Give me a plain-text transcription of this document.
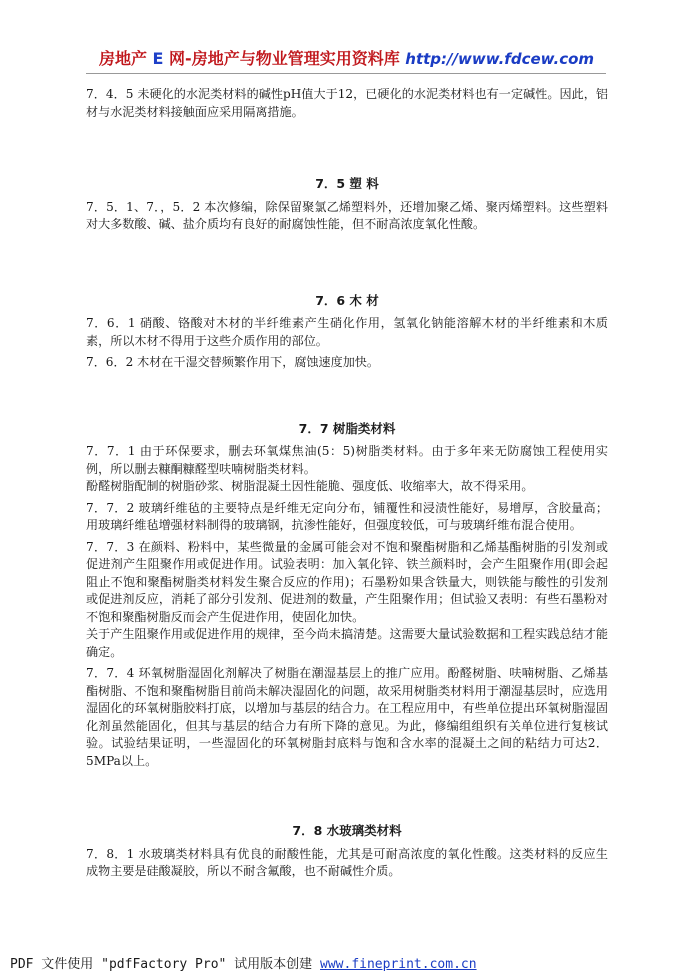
房地产 E 网-房地产与物业管理实用资料库 http://www.fdcew.com

7．4．5 未硬化的水泥类材料的碱性pH值大于12，已硬化的水泥类材料也有一定碱性。因此，铝材与水泥类材料接触面应采用隔离措施。

7．5 塑 料

7．5．1、7．，5．2 本次修编，除保留聚氯乙烯塑料外，还增加聚乙烯、聚丙烯塑料。这些塑料对大多数酸、碱、盐介质均有良好的耐腐蚀性能，但不耐高浓度氧化性酸。

7．6 木 材

7．6．1 硝酸、铬酸对木材的半纤维素产生硝化作用，氢氧化钠能溶解木材的半纤维素和木质素，所以木材不得用于这些介质作用的部位。

7．6．2 木材在干湿交替频繁作用下，腐蚀速度加快。

7．7 树脂类材料

7．7．1 由于环保要求，删去环氧煤焦油(5：5)树脂类材料。由于多年来无防腐蚀工程使用实例，所以删去糠酮糠醛型呋喃树脂类材料。

酚醛树脂配制的树脂砂浆、树脂混凝土因性能脆、强度低、收缩率大，故不得采用。

7．7．2 玻璃纤维毡的主要特点是纤维无定向分布，铺覆性和浸渍性能好，易增厚，含胶量高；用玻璃纤维毡增强材料制得的玻璃钢，抗渗性能好，但强度较低，可与玻璃纤维布混合使用。

7．7．3 在颜料、粉料中，某些微量的金属可能会对不饱和聚酯树脂和乙烯基酯树脂的引发剂或促进剂产生阻聚作用或促进作用。试验表明：加入氧化锌、铁兰颜料时，会产生阻聚作用(即会起阻止不饱和聚酯树脂类材料发生聚合反应的作用)；石墨粉如果含铁量大，则铁能与酸性的引发剂或促进剂反应，消耗了部分引发剂、促进剂的数量，产生阻聚作用；但试验又表明：有些石墨粉对不饱和聚酯树脂反而会产生促进作用，使固化加快。

关于产生阻聚作用或促进作用的规律，至今尚未搞清楚。这需要大量试验数据和工程实践总结才能确定。

7．7．4 环氧树脂湿固化剂解决了树脂在潮湿基层上的推广应用。酚醛树脂、呋喃树脂、乙烯基酯树脂、不饱和聚酯树脂目前尚未解决湿固化的问题，故采用树脂类材料用于潮湿基层时，应选用湿固化的环氧树脂胶料打底，以增加与基层的结合力。在工程应用中，有些单位提出环氧树脂湿固化剂虽然能固化，但其与基层的结合力有所下降的意见。为此，修编组组织有关单位进行复核试验。试验结果证明，一些湿固化的环氧树脂封底料与饱和含水率的混凝土之间的粘结力可达2．5MPa以上。

7．8 水玻璃类材料

7．8．1 水玻璃类材料具有优良的耐酸性能，尤其是可耐高浓度的氧化性酸。这类材料的反应生成物主要是硅酸凝胶，所以不耐含氟酸，也不耐碱性介质。

PDF 文件使用 "pdfFactory Pro" 试用版本创建 www.fineprint.com.cn
